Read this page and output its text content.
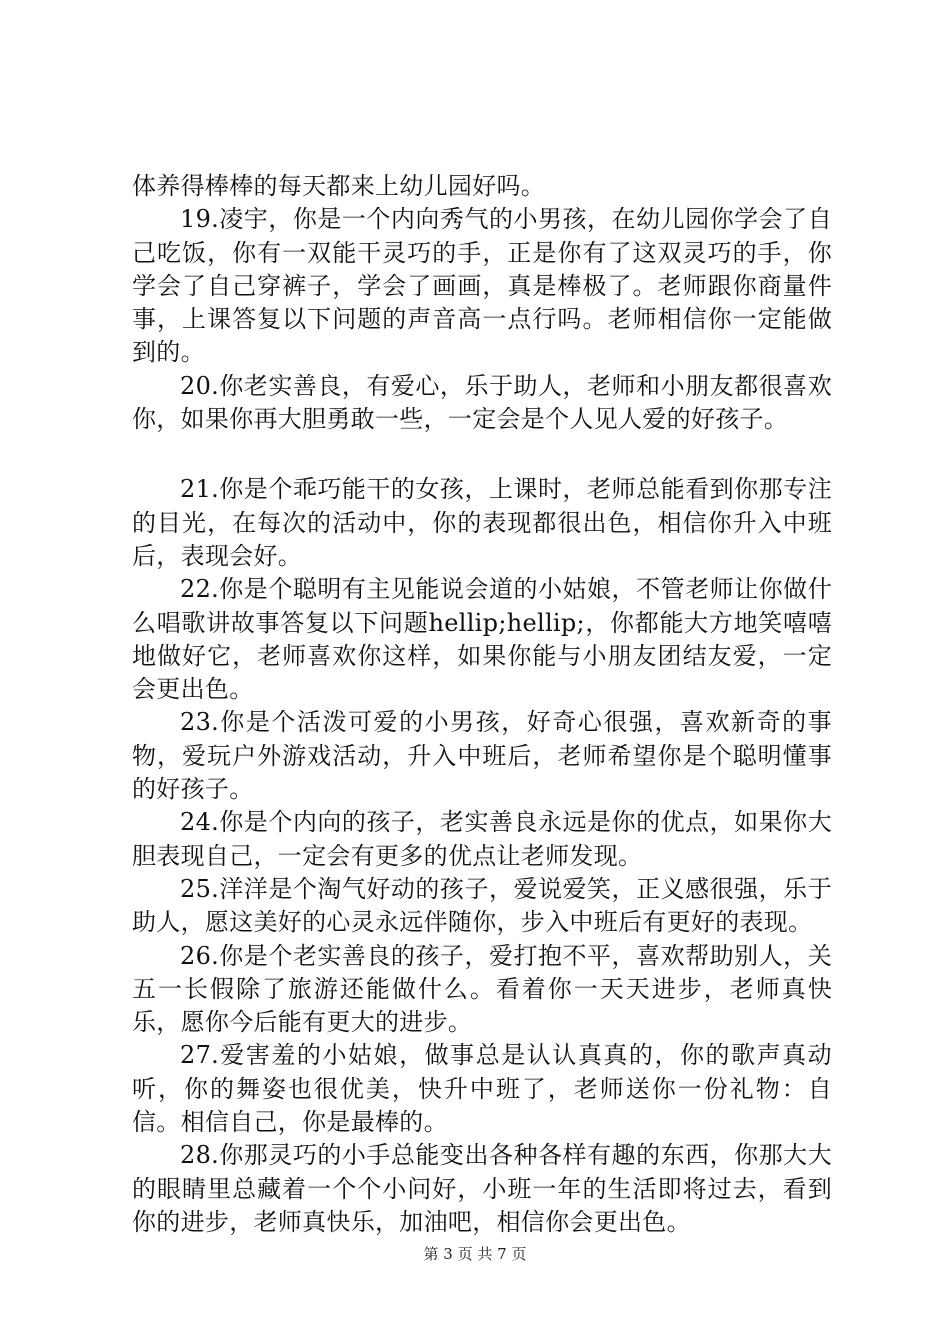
体养得棒棒的每天都来上幼儿园好吗。

19.凌宇，你是一个内向秀气的小男孩，在幼儿园你学会了自己吃饭，你有一双能干灵巧的手，正是你有了这双灵巧的手，你学会了自己穿裤子，学会了画画，真是棒极了。老师跟你商量件事，上课答复以下问题的声音高一点行吗。老师相信你一定能做到的。

20.你老实善良，有爱心，乐于助人，老师和小朋友都很喜欢你，如果你再大胆勇敢一些，一定会是个人见人爱的好孩子。

21.你是个乖巧能干的女孩，上课时，老师总能看到你那专注的目光，在每次的活动中，你的表现都很出色，相信你升入中班后，表现会好。

22.你是个聪明有主见能说会道的小姑娘，不管老师让你做什么唱歌讲故事答复以下问题hellip;hellip;，你都能大方地笑嘻嘻地做好它，老师喜欢你这样，如果你能与小朋友团结友爱，一定会更出色。

23.你是个活泼可爱的小男孩，好奇心很强，喜欢新奇的事物，爱玩户外游戏活动，升入中班后，老师希望你是个聪明懂事的好孩子。

24.你是个内向的孩子，老实善良永远是你的优点，如果你大胆表现自己，一定会有更多的优点让老师发现。

25.洋洋是个淘气好动的孩子，爱说爱笑，正义感很强，乐于助人，愿这美好的心灵永远伴随你，步入中班后有更好的表现。

26.你是个老实善良的孩子，爱打抱不平，喜欢帮助别人，关五一长假除了旅游还能做什么。看着你一天天进步，老师真快乐，愿你今后能有更大的进步。

27.爱害羞的小姑娘，做事总是认认真真的，你的歌声真动听，你的舞姿也很优美，快升中班了，老师送你一份礼物：自信。相信自己，你是最棒的。

28.你那灵巧的小手总能变出各种各样有趣的东西，你那大大的眼睛里总藏着一个个小问好，小班一年的生活即将过去，看到你的进步，老师真快乐，加油吧，相信你会更出色。

第 3 页 共 7 页
